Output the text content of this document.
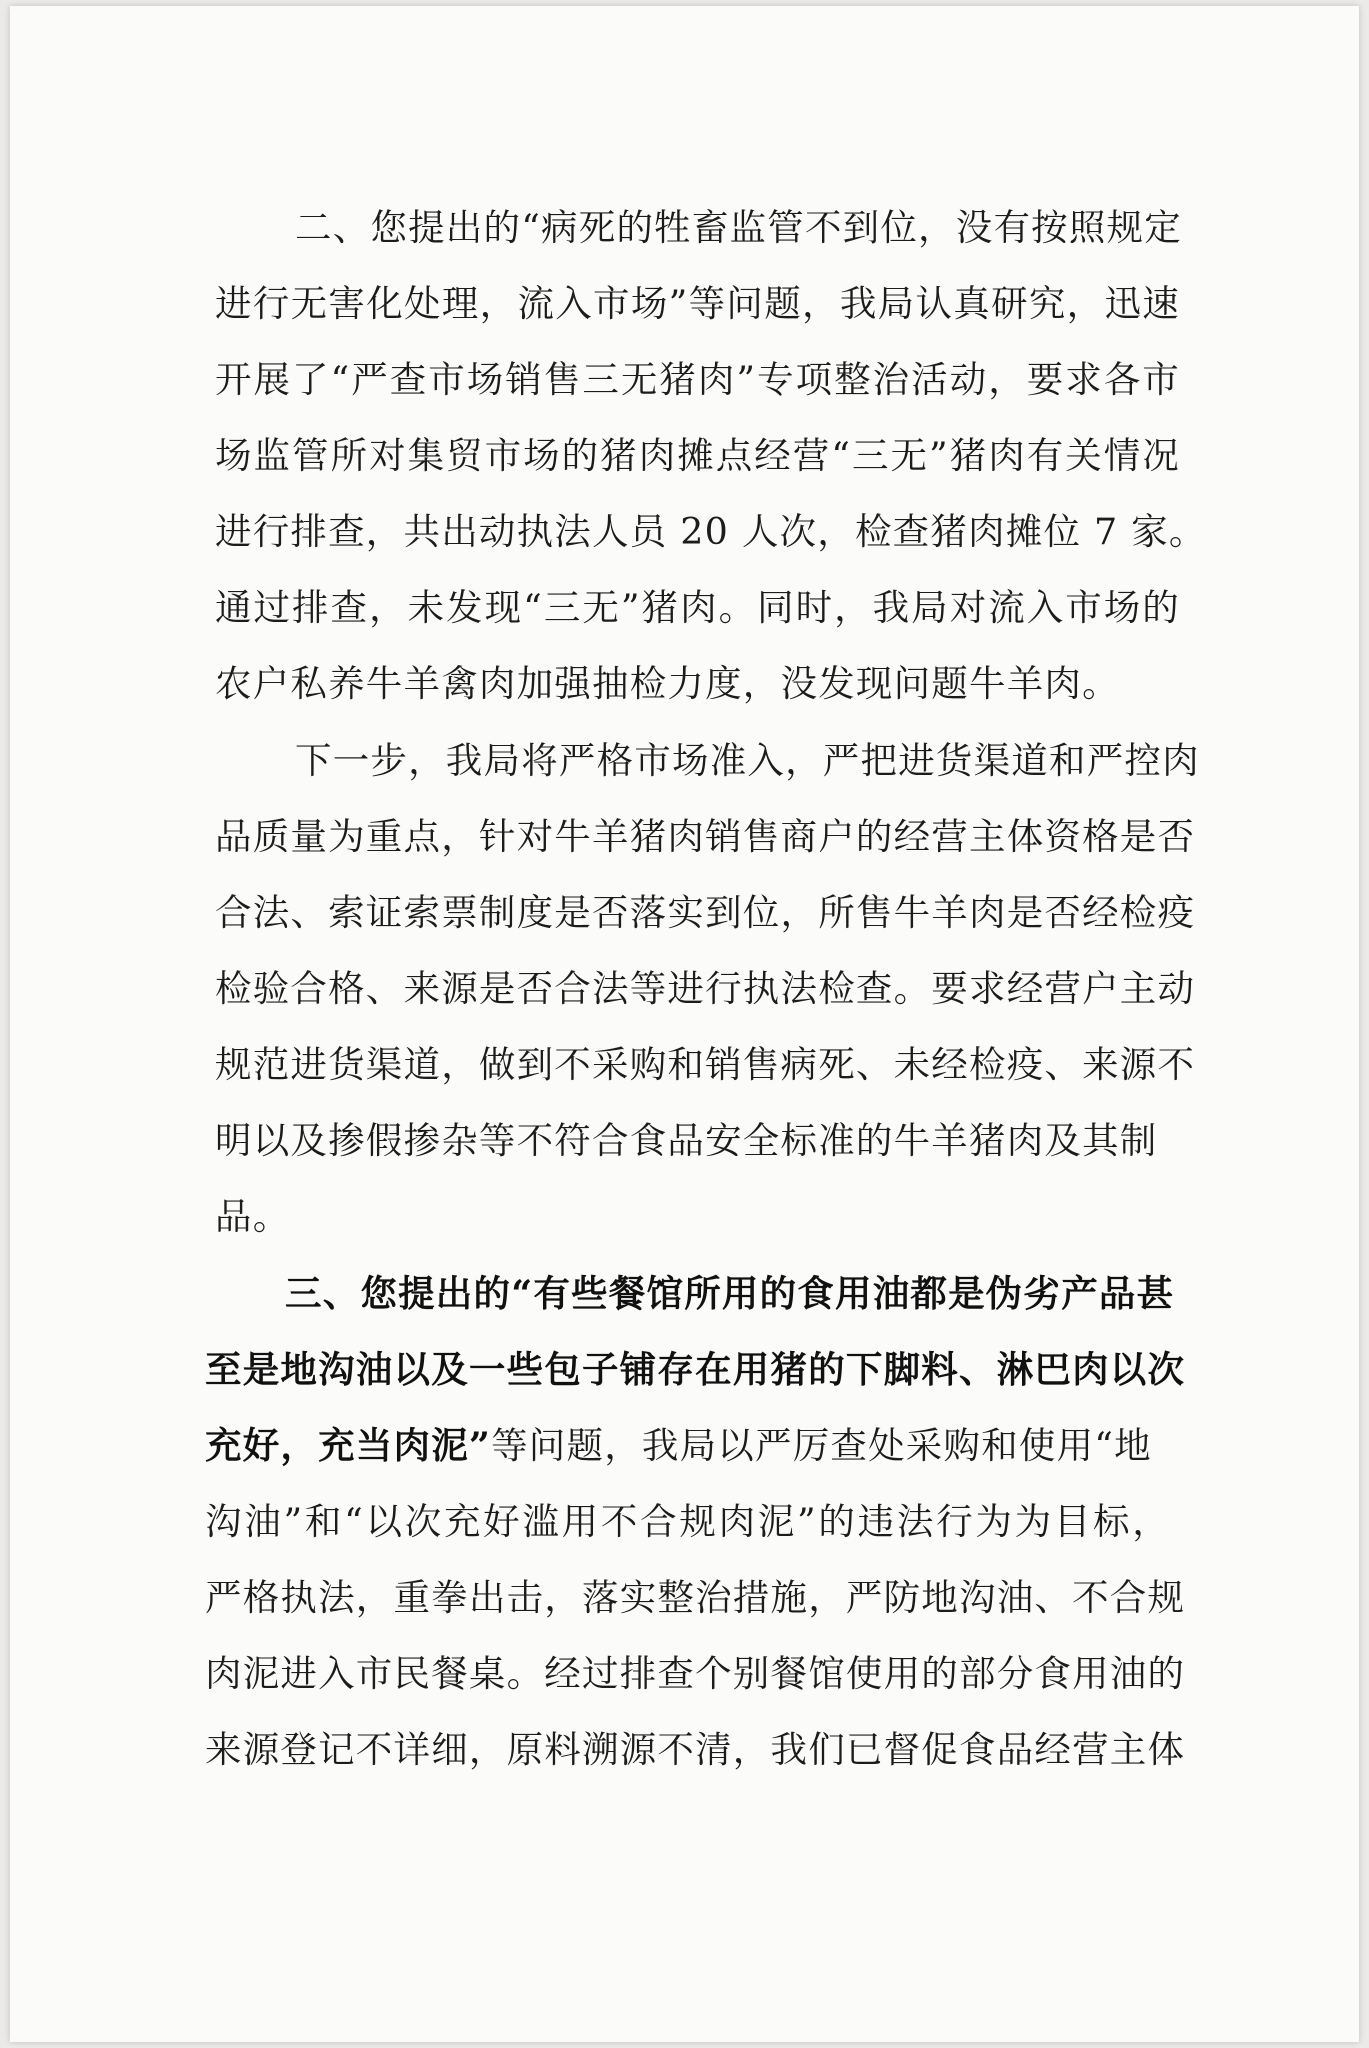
二、您提出的“病死的牲畜监管不到位，没有按照规定
进行无害化处理，流入市场”等问题，我局认真研究，迅速
开展了“严查市场销售三无猪肉”专项整治活动，要求各市
场监管所对集贸市场的猪肉摊点经营“三无”猪肉有关情况
进行排查，共出动执法人员 20 人次，检查猪肉摊位 7 家。
通过排查，未发现“三无”猪肉。同时，我局对流入市场的
农户私养牛羊禽肉加强抽检力度，没发现问题牛羊肉。
下一步，我局将严格市场准入，严把进货渠道和严控肉
品质量为重点，针对牛羊猪肉销售商户的经营主体资格是否
合法、索证索票制度是否落实到位，所售牛羊肉是否经检疫
检验合格、来源是否合法等进行执法检查。要求经营户主动
规范进货渠道，做到不采购和销售病死、未经检疫、来源不
明以及掺假掺杂等不符合食品安全标准的牛羊猪肉及其制
品。
三、您提出的“有些餐馆所用的食用油都是伪劣产品甚
至是地沟油以及一些包子铺存在用猪的下脚料、淋巴肉以次
充好，充当肉泥”等问题，我局以严厉查处采购和使用“地
沟油”和“以次充好滥用不合规肉泥”的违法行为为目标，
严格执法，重拳出击，落实整治措施，严防地沟油、不合规
肉泥进入市民餐桌。经过排查个别餐馆使用的部分食用油的
来源登记不详细，原料溯源不清，我们已督促食品经营主体
